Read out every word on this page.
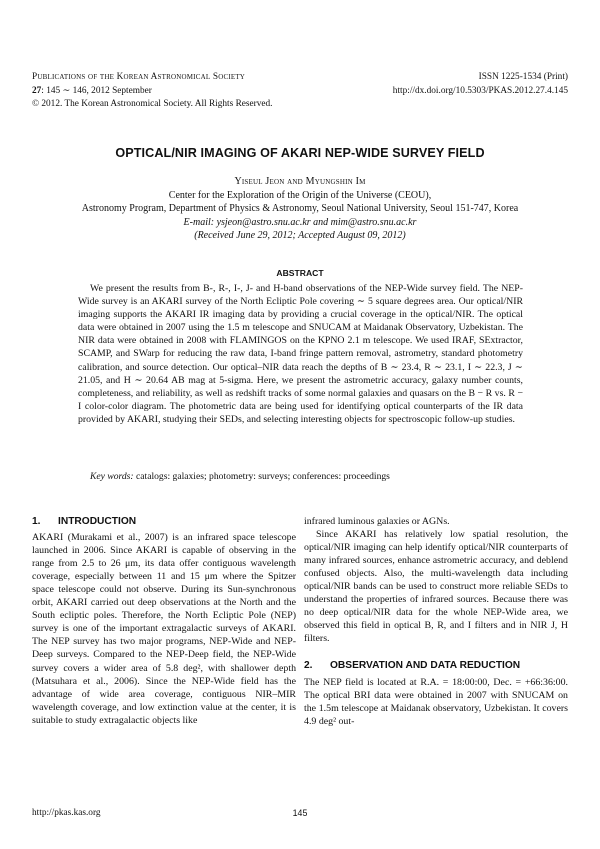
Publications of the Korean Astronomical Society
27: 145 ∼ 146, 2012 September
© 2012. The Korean Astronomical Society. All Rights Reserved.
ISSN 1225-1534 (Print)
http://dx.doi.org/10.5303/PKAS.2012.27.4.145
OPTICAL/NIR IMAGING OF AKARI NEP-WIDE SURVEY FIELD
Yiseul Jeon and Myungshin Im
Center for the Exploration of the Origin of the Universe (CEOU),
Astronomy Program, Department of Physics & Astronomy, Seoul National University, Seoul 151-747, Korea
E-mail: ysjeon@astro.snu.ac.kr and mim@astro.snu.ac.kr
(Received June 29, 2012; Accepted August 09, 2012)
ABSTRACT
We present the results from B-, R-, I-, J- and H-band observations of the NEP-Wide survey field. The NEP-Wide survey is an AKARI survey of the North Ecliptic Pole covering ∼ 5 square degrees area. Our optical/NIR imaging supports the AKARI IR imaging data by providing a crucial coverage in the optical/NIR. The optical data were obtained in 2007 using the 1.5 m telescope and SNUCAM at Maidanak Observatory, Uzbekistan. The NIR data were obtained in 2008 with FLAMINGOS on the KPNO 2.1 m telescope. We used IRAF, SExtractor, SCAMP, and SWarp for reducing the raw data, I-band fringe pattern removal, astrometry, standard photometry calibration, and source detection. Our optical–NIR data reach the depths of B ∼ 23.4, R ∼ 23.1, I ∼ 22.3, J ∼ 21.05, and H ∼ 20.64 AB mag at 5-sigma. Here, we present the astrometric accuracy, galaxy number counts, completeness, and reliability, as well as redshift tracks of some normal galaxies and quasars on the B − R vs. R − I color-color diagram. The photometric data are being used for identifying optical counterparts of the IR data provided by AKARI, studying their SEDs, and selecting interesting objects for spectroscopic follow-up studies.
Key words: catalogs: galaxies; photometry: surveys; conferences: proceedings
1. INTRODUCTION

AKARI (Murakami et al., 2007) is an infrared space telescope launched in 2006. Since AKARI is capable of observing in the range from 2.5 to 26 μm, its data offer contiguous wavelength coverage, especially between 11 and 15 μm where the Spitzer space telescope could not observe. During its Sun-synchronous orbit, AKARI carried out deep observations at the North and the South ecliptic poles. Therefore, the North Ecliptic Pole (NEP) survey is one of the important extragalactic surveys of AKARI. The NEP survey has two major programs, NEP-Wide and NEP-Deep surveys. Compared to the NEP-Deep field, the NEP-Wide survey covers a wider area of 5.8 deg², with shallower depth (Matsuhara et al., 2006). Since the NEP-Wide field has the advantage of wide area coverage, contiguous NIR–MIR wavelength coverage, and low extinction value at the center, it is suitable to study extragalactic objects like

infrared luminous galaxies or AGNs.

Since AKARI has relatively low spatial resolution, the optical/NIR imaging can help identify optical/NIR counterparts of many infrared sources, enhance astrometric accuracy, and deblend confused objects. Also, the multi-wavelength data including optical/NIR bands can be used to construct more reliable SEDs to understand the properties of infrared sources. Because there was no deep optical/NIR data for the whole NEP-Wide area, we observed this field in optical B, R, and I filters and in NIR J, H filters.

2. OBSERVATION AND DATA REDUCTION

The NEP field is located at R.A. = 18:00:00, Dec. = +66:36:00. The optical BRI data were obtained in 2007 with SNUCAM on the 1.5m telescope at Maidanak observatory, Uzbekistan. It covers 4.9 deg² out-

http://pkas.kas.org	145
